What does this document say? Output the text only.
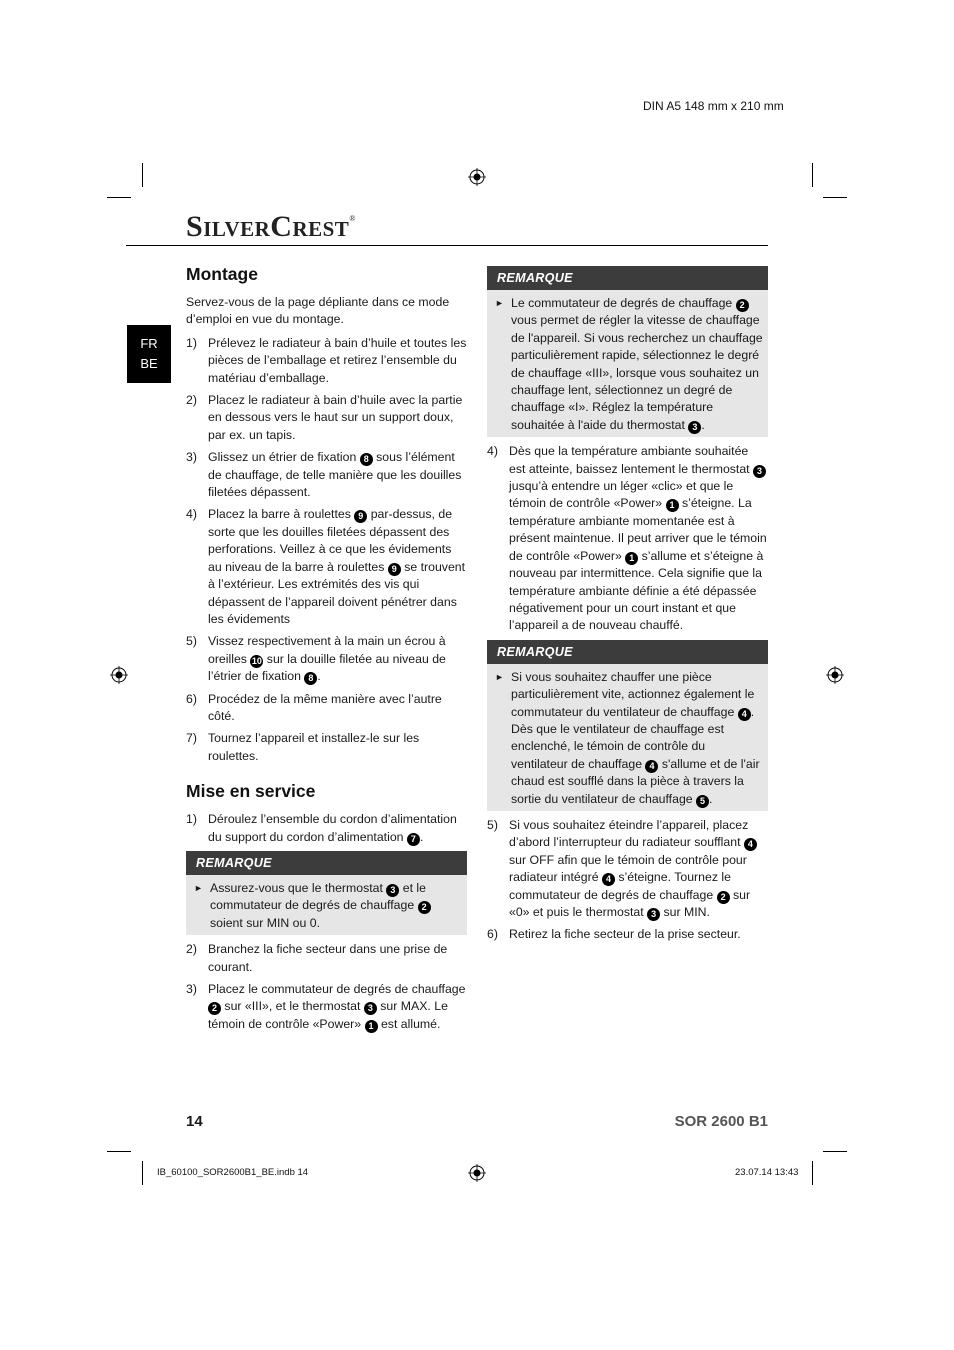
DIN A5 148 mm x 210 mm
SILVERCREST®
FR
BE
Montage

Servez-vous de la page dépliante dans ce mode d’emploi en vue du montage.

1) Prélevez le radiateur à bain d’huile et toutes les pièces de l’emballage et retirez l’ensemble du matériau d’emballage.
2) Placez le radiateur à bain d’huile avec la partie en dessous vers le haut sur un support doux, par ex. un tapis.
3) Glissez un étrier de fixation 8 sous l’élément de chauffage, de telle manière que les douilles filetées dépassent.
4) Placez la barre à roulettes 9 par-dessus, de sorte que les douilles filetées dépassent des perforations. Veillez à ce que les évidements au niveau de la barre à roulettes 9 se trouvent à l’extérieur. Les extrémités des vis qui dépassent de l’appareil doivent pénétrer dans les évidements
5) Vissez respectivement à la main un écrou à oreilles 10 sur la douille filetée au niveau de l’étrier de fixation 8 .
6) Procédez de la même manière avec l’autre côté.
7) Tournez l’appareil et installez-le sur les roulettes.
Mise en service
1) Déroulez l’ensemble du cordon d’alimentation du support du cordon d’alimentation 7 .
REMARQUE
► Assurez-vous que le thermostat 3 et le commutateur de degrés de chauffage 2 soient sur MIN ou 0.
2) Branchez la fiche secteur dans une prise de courant.
3) Placez le commutateur de degrés de chauffage 2 sur «III», et le thermostat 3 sur MAX. Le témoin de contrôle «Power» 1 est allumé.
REMARQUE
► Le commutateur de degrés de chauffage 2 vous permet de régler la vitesse de chauffage de l'appareil. Si vous recherchez un chauffage particulièrement rapide, sélectionnez le degré de chauffage «III», lorsque vous souhaitez un chauffage lent, sélectionnez un degré de chauffage «I». Réglez la température souhaitée à l'aide du thermostat 3 .
4) Dès que la température ambiante souhaitée est atteinte, baissez lentement le thermostat 3 jusqu’à entendre un léger «clic» et que le témoin de contrôle «Power» 1 s’éteigne. La température ambiante momentanée est à présent maintenue. Il peut arriver que le témoin de contrôle «Power» 1 s’allume et s’éteigne à nouveau par intermittence. Cela signifie que la température ambiante définie a été dépassée négativement pour un court instant et que l’appareil a de nouveau chauffé.
REMARQUE
► Si vous souhaitez chauffer une pièce particulièrement vite, actionnez également le commutateur du ventilateur de chauffage 4 . Dès que le ventilateur de chauffage est enclenché, le témoin de contrôle du ventilateur de chauffage 4 s'allume et de l'air chaud est soufflé dans la pièce à travers la sortie du ventilateur de chauffage 5 .
5) Si vous souhaitez éteindre l’appareil, placez d’abord l’interrupteur du radiateur soufflant 4 sur OFF afin que le témoin de contrôle pour radiateur intégré 4 s’éteigne. Tournez le commutateur de degrés de chauffage 2 sur «0» et puis le thermostat 3 sur MIN.
6) Retirez la fiche secteur de la prise secteur.
14	SOR 2600 B1
IB_60100_SOR2600B1_BE.indb 14	23.07.14 13:43
